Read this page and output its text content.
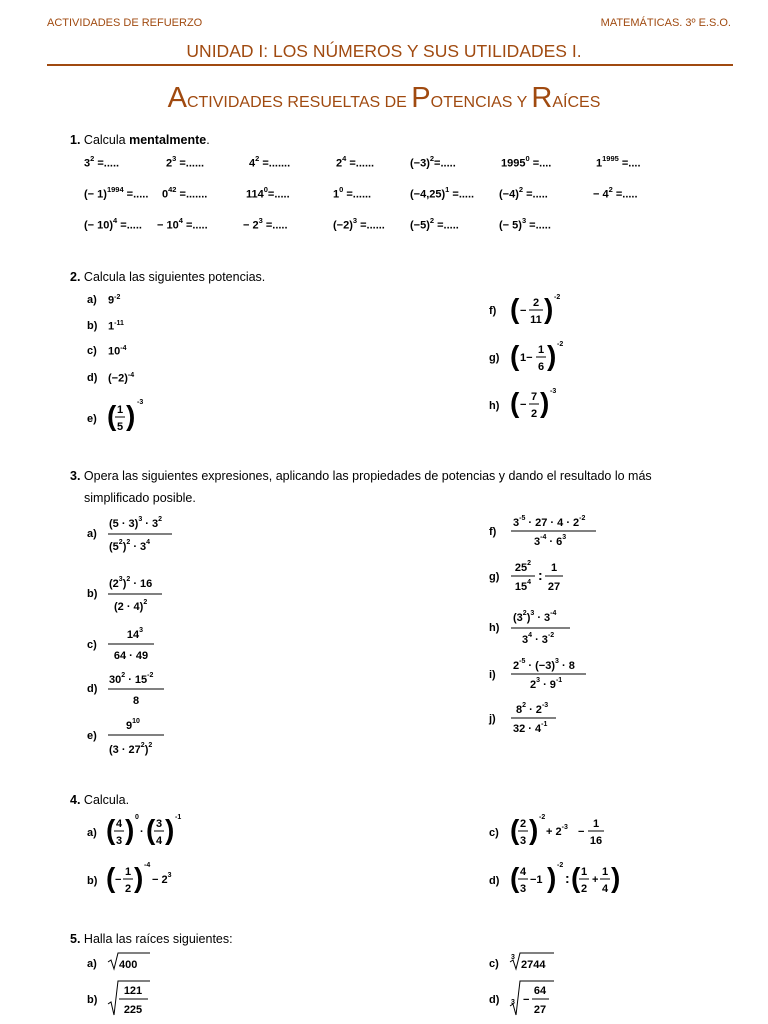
ACTIVIDADES DE REFUERZO	MATEMÁTICAS. 3º E.S.O.
UNIDAD I: LOS NÚMEROS Y SUS UTILIDADES I.
ACTIVIDADES RESUELTAS DE POTENCIAS Y RAÍCES
1. Calcula mentalmente.
$3^2$ =.....	$2^3$ =......	$4^2$ =.......	$2^4$ =......	$(-3)^2=$.....	$1995^0$ =....	$1^{1995}$ =....
(− 1)$^{1994}$ =..... $0^{42}$ =.......	$114^0=$.....	$1^0$ =......	$(-4,25)^1$ =..... $(-4)^2$ =.....	− $4^2$ =.....
(− 10)$^4$ =..... − $10^4$ =.....	− $2^3$ =.....	$(-2)^3$ =...... $(-5)^2$ =.....	(− 5)$^3$ =.....
2. Calcula las siguientes potencias.
a) $9^{-2}$
b) $1^{-11}$
c) $10^{-4}$
d) $(-2)^{-4}$
e) ( 1
5 ) -3
f) ( −
2
11 ) -2
g) ( 1−
1
6 ) -2
h) ( −
7
2 ) -3
3. Opera las siguientes expresiones, aplicando las propiedades de potencias y dando el resultado lo más
simplificado posible.
a)
$(5 \cdot 3)^3 \cdot 3^2$
$(5^2)^2 \cdot 3^4$
b)
$(2^3)^2 \cdot 16$
$(2 \cdot 4)^2$
c)
$14^3$
64 · 49
d)
$30^2 \cdot 15^{-2}$
8
e)
$9^{10}$
$(3 \cdot 27^2)^2$
f)
$3^{-5} \cdot 27 \cdot 4 \cdot 2^{-2}$
$3^{-4} \cdot 6^3$
g)
$25^2$
$15^4$ : 1
27
h)
$(3^2)^3 \cdot 3^{-4}$
$3^4 \cdot 3^{-2}$
i)
$2^{-5} \cdot (-3)^3 \cdot 8$
$2^3 \cdot 9^{-1}$
j)
$8^2 \cdot 2^{-3}$
$32 \cdot 4^{-1}$
4. Calcula.
a) ( 4
3 ) 0
· ( 3
4 ) -1
b) ( −
1
2 ) -4
− $2^3$
c) ( 2
3 ) -2
+ $2^{-3}$ −
1
16
d) ( 4
3
−1 ) -2
: ( 1
2
+
1
4 )
5. Halla las raíces siguientes:
a) 400
b)
121
225
c)
3
2744
d) 3 −
64
27
